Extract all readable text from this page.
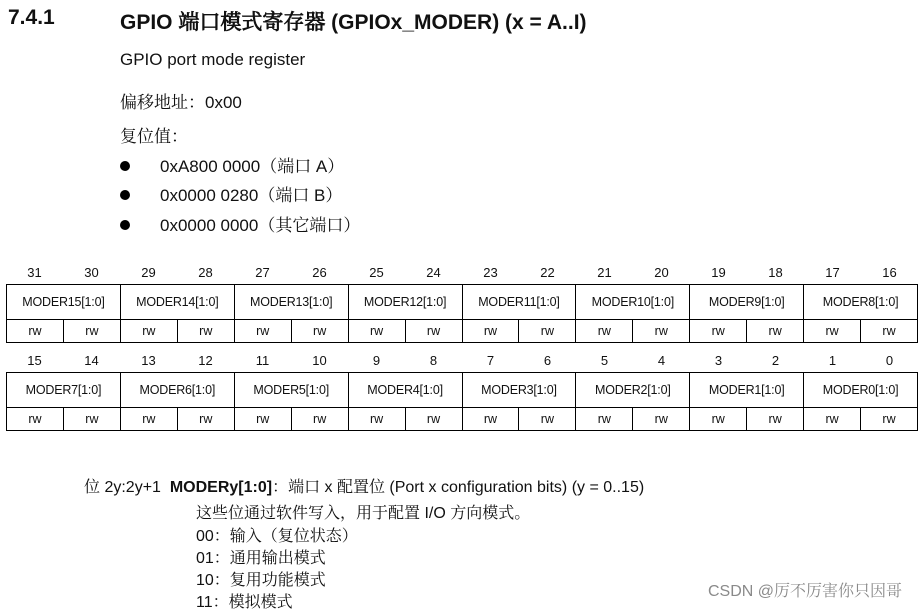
7.4.1	GPIO 端口模式寄存器 (GPIOx_MODER) (x = A..I)
GPIO port mode register
偏移地址：0x00
复位值：
0xA800 0000（端口 A）
0x0000 0280（端口 B）
0x0000 0000（其它端口）
31	30	29	28	27	26	25	24	23	22	21	20	19	18	17	16
MODER15[1:0]		MODER14[1:0]		MODER13[1:0]		MODER12[1:0]		MODER11[1:0]		MODER10[1:0]		MODER9[1:0]		MODER8[1:0]	
rw	rw	rw	rw	rw	rw	rw	rw	rw	rw	rw	rw	rw	rw	rw	rw
15	14	13	12	11	10	9	8	7	6	5	4	3	2	1	0
MODER7[1:0]		MODER6[1:0]		MODER5[1:0]		MODER4[1:0]		MODER3[1:0]		MODER2[1:0]		MODER1[1:0]		MODER0[1:0]	
rw	rw	rw	rw	rw	rw	rw	rw	rw	rw	rw	rw	rw	rw	rw	rw
位 2y:2y+1 MODERy[1:0]：端口 x 配置位 (Port x configuration bits) (y = 0..15)
这些位通过软件写入，用于配置 I/O 方向模式。
00：输入（复位状态）
01：通用输出模式
10：复用功能模式
11：模拟模式
CSDN @厉不厉害你只因哥
